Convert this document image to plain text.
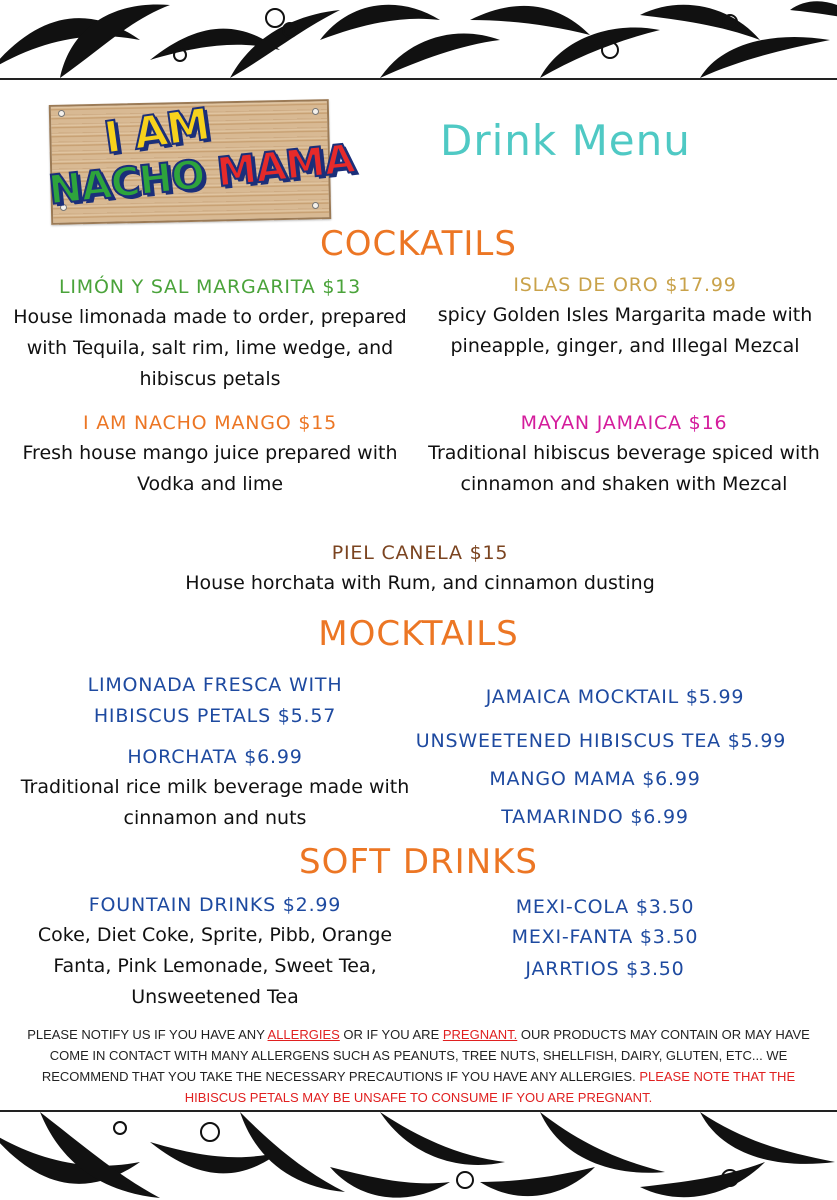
I AM
NACHO MAMA Drink Menu
COCKATILS
LIMÓN Y SAL MARGARITA $13
House limonada made to order, prepared with Tequila, salt rim, lime wedge, and hibiscus petals
ISLAS DE ORO $17.99
spicy Golden Isles Margarita made with pineapple, ginger, and Illegal Mezcal
I AM NACHO MANGO $15
Fresh house mango juice prepared with Vodka and lime
MAYAN JAMAICA $16
Traditional hibiscus beverage spiced with cinnamon and shaken with Mezcal
PIEL CANELA $15
House horchata with Rum, and cinnamon dusting
MOCKTAILS
LIMONADA FRESCA WITH
HIBISCUS PETALS $5.57
HORCHATA $6.99
Traditional rice milk beverage made with cinnamon and nuts
JAMAICA MOCKTAIL $5.99
UNSWEETENED HIBISCUS TEA $5.99
MANGO MAMA $6.99
TAMARINDO $6.99
SOFT DRINKS
FOUNTAIN DRINKS $2.99
Coke, Diet Coke, Sprite, Pibb, Orange Fanta, Pink Lemonade, Sweet Tea, Unsweetened Tea
MEXI-COLA $3.50
MEXI-FANTA $3.50
JARRTIOS $3.50
PLEASE NOTIFY US IF YOU HAVE ANY ALLERGIES OR IF YOU ARE PREGNANT. OUR PRODUCTS MAY CONTAIN OR MAY HAVE COME IN CONTACT WITH MANY ALLERGENS SUCH AS PEANUTS, TREE NUTS, SHELLFISH, DAIRY, GLUTEN, ETC... WE RECOMMEND THAT YOU TAKE THE NECESSARY PRECAUTIONS IF YOU HAVE ANY ALLERGIES. PLEASE NOTE THAT THE HIBISCUS PETALS MAY BE UNSAFE TO CONSUME IF YOU ARE PREGNANT.
